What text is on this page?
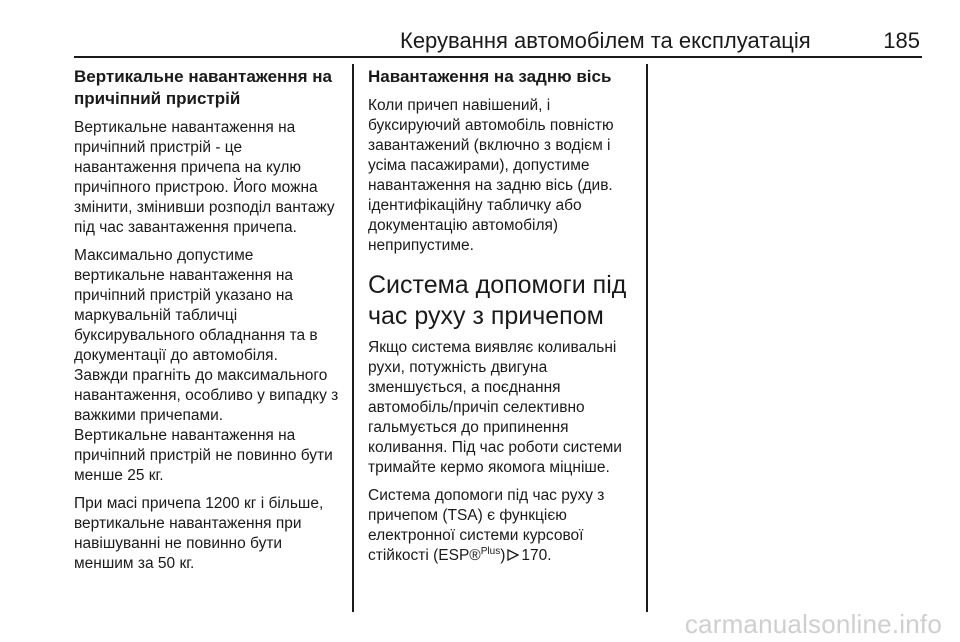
Керування автомобілем та експлуатація	185
Вертикальне навантаження на причіпний пристрій

Вертикальне навантаження на причіпний пристрій - це навантаження причепа на кулю причіпного пристрою. Його можна змінити, змінивши розподіл вантажу під час завантаження причепа.

Максимально допустиме вертикальне навантаження на причіпний пристрій указано на маркувальній табличці буксирувального обладнання та в документації до автомобіля.

Завжди прагніть до максимального навантаження, особливо у випадку з важкими причепами.

Вертикальне навантаження на причіпний пристрій не повинно бути менше 25 кг.

При масі причепа 1200 кг і більше, вертикальне навантаження при навішуванні не повинно бути меншим за 50 кг.

Навантаження на задню вісь

Коли причеп навішений, і буксируючий автомобіль повністю завантажений (включно з водієм і усіма пасажирами), допустиме навантаження на задню вісь (див. ідентифікаційну табличку або документацію автомобіля) неприпустиме.

Система допомоги під час руху з причепом

Якщо система виявляє коливальні рухи, потужність двигуна зменшується, а поєднання автомобіль/причіп селективно гальмується до припинення коливання. Під час роботи системи тримайте кермо якомога міцніше.

Система допомоги під час руху з причепом (TSA) є функцією електронної системи курсової стійкості (ESP®$^{Plus}$) 170.

carmanualsonline.info
